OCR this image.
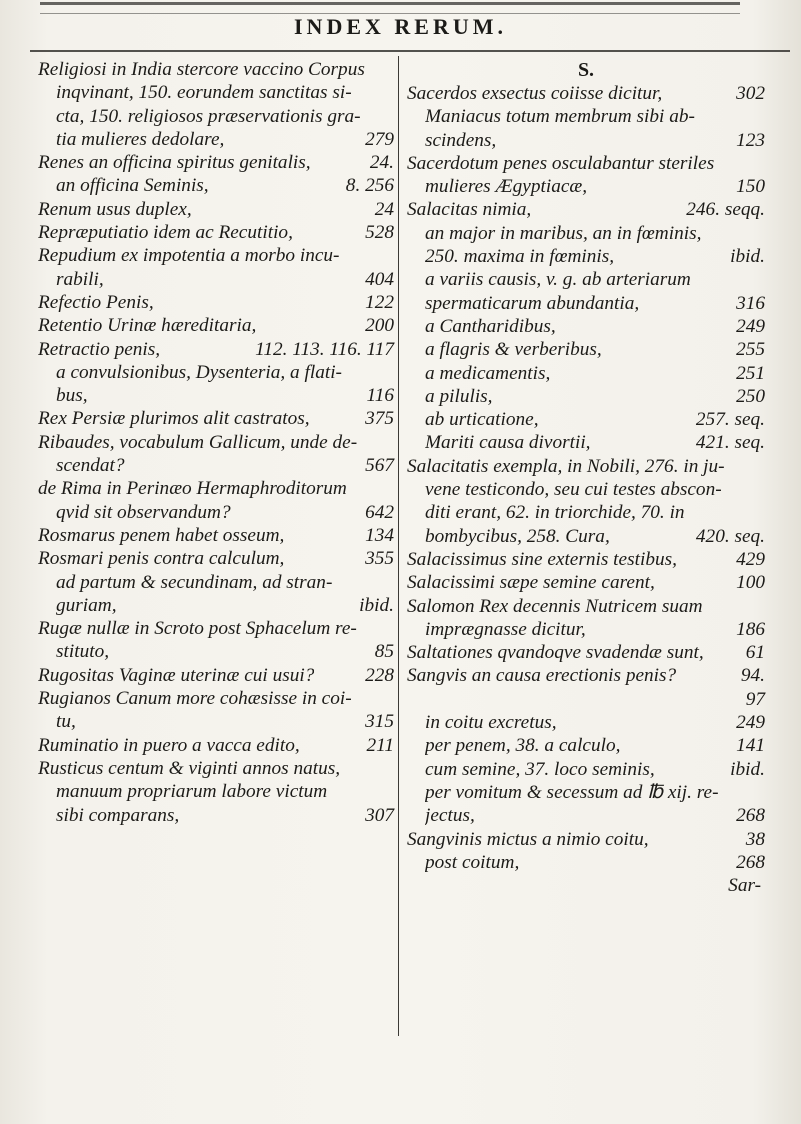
INDEX RERUM.
Religiosi in India stercore vaccino Corpus
inqvinant, 150. eorundem sanctitas si-
cta, 150. religiosos præservationis gra-
tia mulieres dedolare,	279
Renes an officina spiritus genitalis,	24.
an officina Seminis,	8. 256
Renum usus duplex,	24
Repræputiatio idem ac Recutitio,	528
Repudium ex impotentia a morbo incu-
rabili,	404
Refectio Penis,	122
Retentio Urinæ hæreditaria,	200
Retractio penis,	112. 113. 116. 117
a convulsionibus, Dysenteria, a flati-
bus,	116
Rex Persiæ plurimos alit castratos,	375
Ribaudes, vocabulum Gallicum, unde de-
scendat?	567
de Rima in Perinæo Hermaphroditorum
qvid sit observandum?	642
Rosmarus penem habet osseum,	134
Rosmari penis contra calculum,	355
ad partum & secundinam, ad stran-
guriam,	ibid.
Rugæ nullæ in Scroto post Sphacelum re-
stituto,	85
Rugositas Vaginæ uterinæ cui usui?	228
Rugianos Canum more cohæsisse in coi-
tu,	315
Ruminatio in puero a vacca edito,	211
Rusticus centum & viginti annos natus,
manuum propriarum labore victum
sibi comparans,	307
S.
Sacerdos exsectus coiisse dicitur,	302
Maniacus totum membrum sibi ab-
scindens,	123
Sacerdotum penes osculabantur steriles
mulieres Ægyptiacæ,	150
Salacitas nimia,	246. seqq.
an major in maribus, an in fœminis,
250. maxima in fœminis,	ibid.
a variis causis, v. g. ab arteriarum
spermaticarum abundantia,	316
a Cantharidibus,	249
a flagris & verberibus,	255
a medicamentis,	251
a pilulis,	250
ab urticatione,	257. seq.
Mariti causa divortii,	421. seq.
Salacitatis exempla, in Nobili, 276. in ju-
vene testicondo, seu cui testes abscon-
diti erant, 62. in triorchide, 70. in
bombycibus, 258. Cura,	420. seq.
Salacissimus sine externis testibus,	429
Salacissimi sæpe semine carent,	100
Salomon Rex decennis Nutricem suam
imprægnasse dicitur,	186
Saltationes qvandoqve svadendæ sunt,	61
Sangvis an causa erectionis penis?	94.
97
in coitu excretus,	249
per penem, 38. a calculo,	141
cum semine, 37. loco seminis,	ibid.
per vomitum & secessum ad ℔ xij. re-
jectus,	268
Sangvinis mictus a nimio coitu,	38
post coitum,	268
Sar-
